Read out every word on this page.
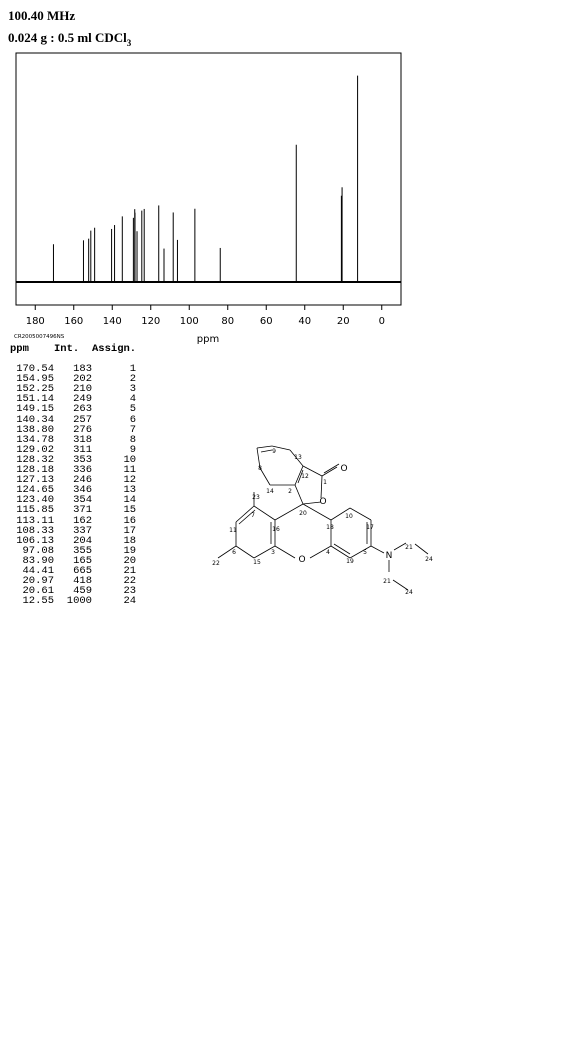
100.40 MHz
0.024 g : 0.5 ml CDCl$_3$
180 160 140 120 100 80	60	40	20	0
ppm
CR2005007496NS
ppm	Int.	Assign.

170.54	183	1
154.95	202	2
152.25	210	3
151.14	249	4
149.15	263	5
140.34	257	6
138.80	276	7
134.78	318	8
129.02	311	9
128.32	353	10
128.18	336	11
127.13	246	12
124.65	346	13
123.40	354	14
115.85	371	15
113.11	162	16
108.33	337	17
106.13	204	18
97.08	355	19
83.90	165	20
44.41	665	21
20.97	418	22
20.61	459	23
12.55	1000	24
O
O
O	N
1
2
3	4	5
6
7
8
9
10
11
12
13
14
15
16	17
18
19
20
21
21
22
23
24
24
